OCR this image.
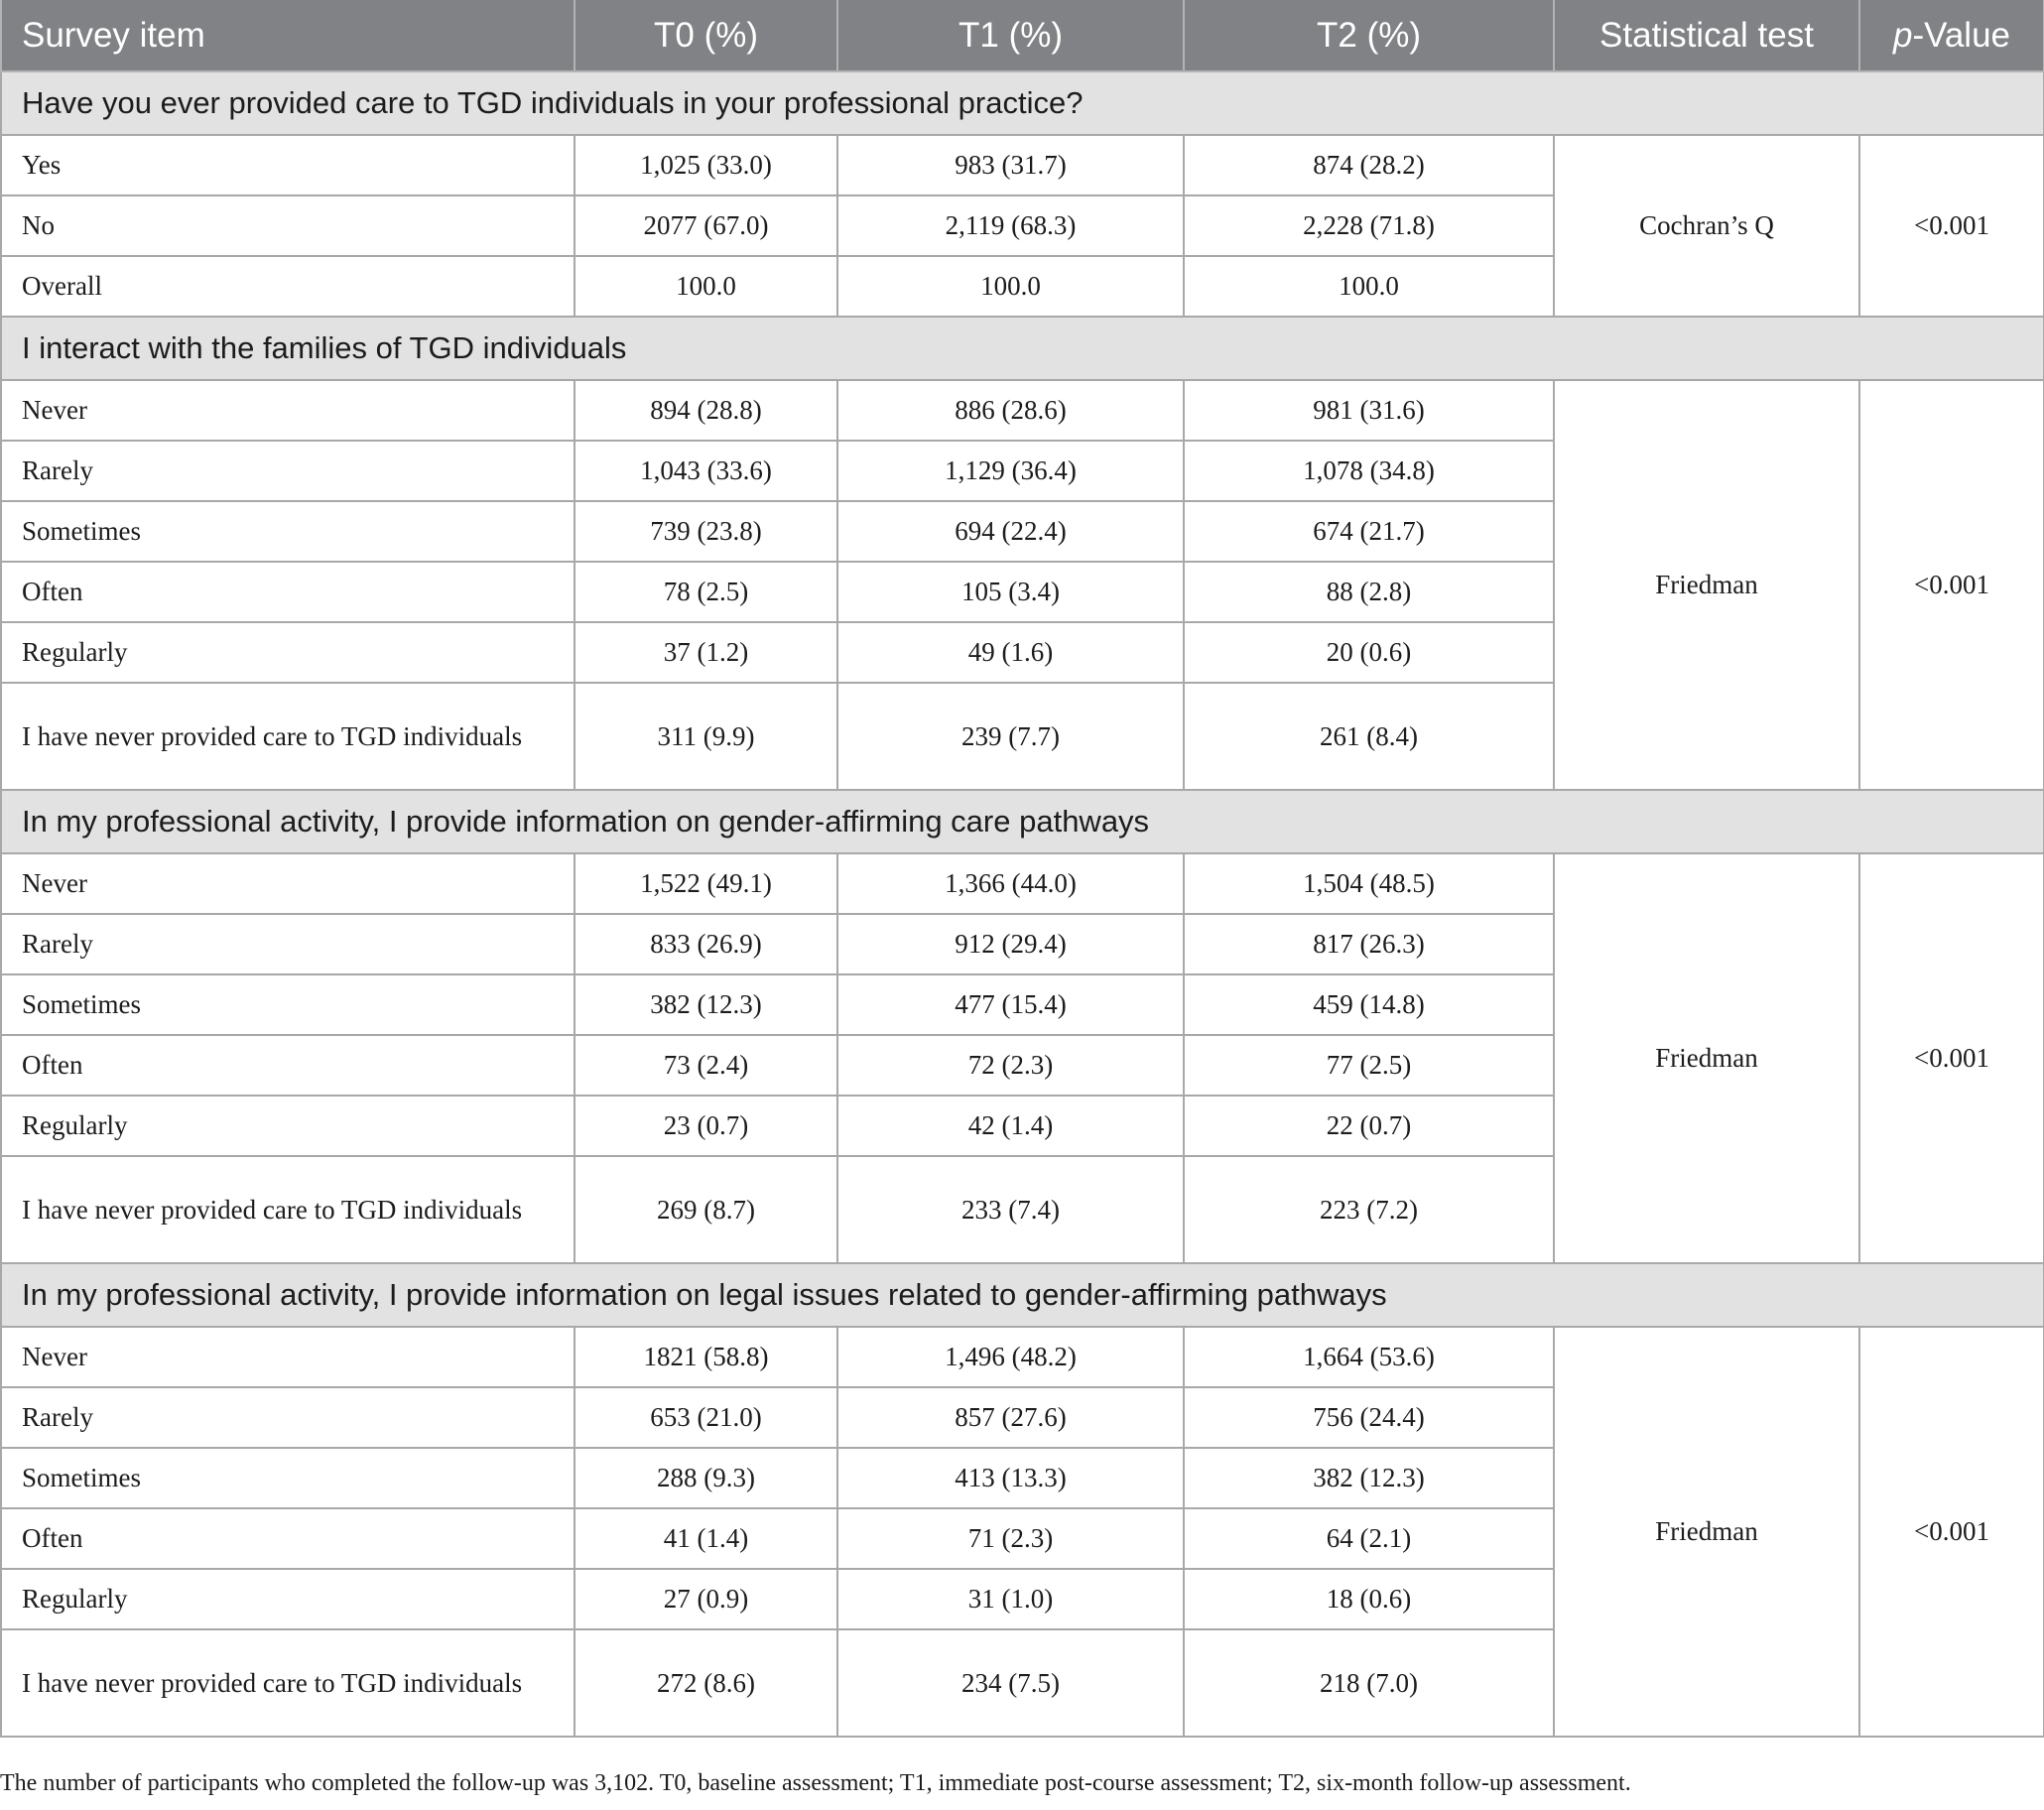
Survey item	T0 (%)	T1 (%)	T2 (%)	Statistical test	p-Value
Have you ever provided care to TGD individuals in your professional practice?					
Yes	1,025 (33.0)	983 (31.7)	874 (28.2)	Cochran’s Q	<0.001
No	2077 (67.0)	2,119 (68.3)	2,228 (71.8)		
Overall	100.0	100.0	100.0		
I interact with the families of TGD individuals					
Never	894 (28.8)	886 (28.6)	981 (31.6)	Friedman	<0.001
Rarely	1,043 (33.6)	1,129 (36.4)	1,078 (34.8)		
Sometimes	739 (23.8)	694 (22.4)	674 (21.7)		
Often	78 (2.5)	105 (3.4)	88 (2.8)		
Regularly	37 (1.2)	49 (1.6)	20 (0.6)		
I have never provided care to TGD individuals	311 (9.9)	239 (7.7)	261 (8.4)		
In my professional activity, I provide information on gender-affirming care pathways					
Never	1,522 (49.1)	1,366 (44.0)	1,504 (48.5)	Friedman	<0.001
Rarely	833 (26.9)	912 (29.4)	817 (26.3)		
Sometimes	382 (12.3)	477 (15.4)	459 (14.8)		
Often	73 (2.4)	72 (2.3)	77 (2.5)		
Regularly	23 (0.7)	42 (1.4)	22 (0.7)		
I have never provided care to TGD individuals	269 (8.7)	233 (7.4)	223 (7.2)		
In my professional activity, I provide information on legal issues related to gender-affirming pathways					
Never	1821 (58.8)	1,496 (48.2)	1,664 (53.6)	Friedman	<0.001
Rarely	653 (21.0)	857 (27.6)	756 (24.4)		
Sometimes	288 (9.3)	413 (13.3)	382 (12.3)		
Often	41 (1.4)	71 (2.3)	64 (2.1)		
Regularly	27 (0.9)	31 (1.0)	18 (0.6)		
I have never provided care to TGD individuals	272 (8.6)	234 (7.5)	218 (7.0)		
The number of participants who completed the follow-up was 3,102. T0, baseline assessment; T1, immediate post-course assessment; T2, six-month follow-up assessment.
